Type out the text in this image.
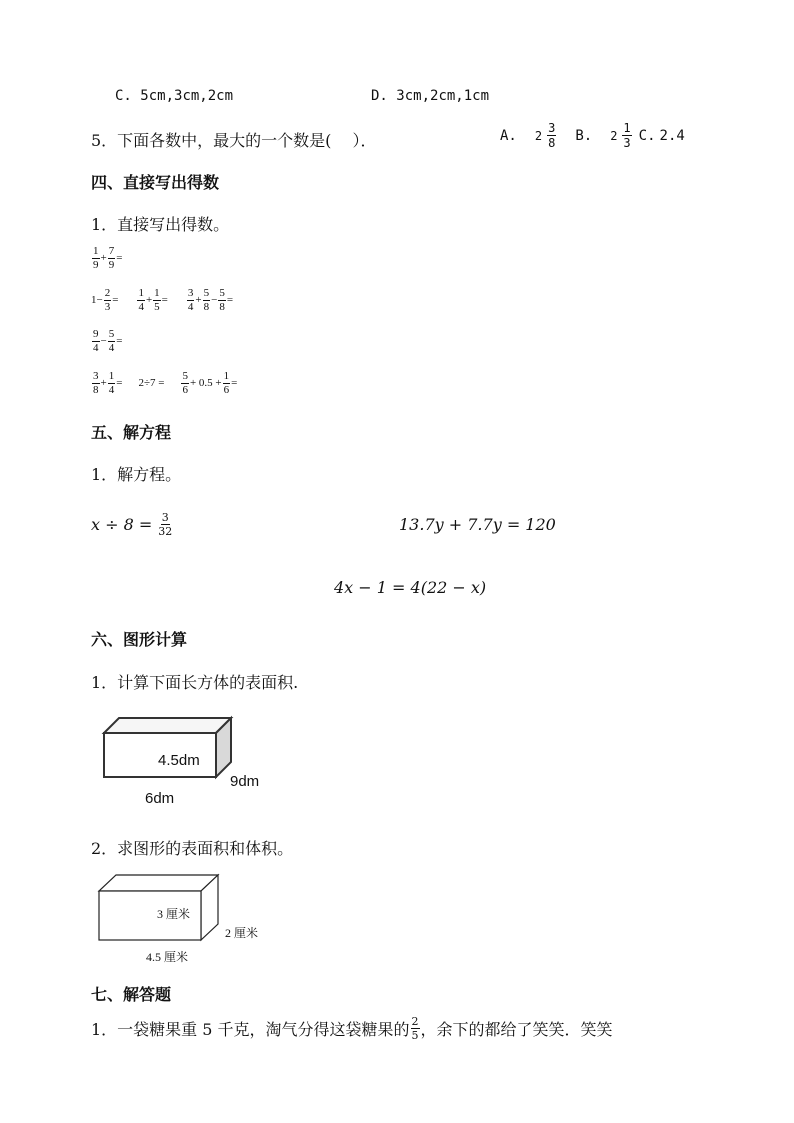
C. 5cm,3cm,2cm	D. 3cm,2cm,1cm
5．下面各数中，最大的一个数是(　 ）．	A. $2 \frac{3}{8} B$. $2 \frac{1}{3} C$. 2.4
四、直接写出得数
1．直接写出得数。
$\frac{1}{9} + \frac{7}{9}$ =
$1- \frac{2}{3} = \frac{1}{4} + \frac{1}{5} = \frac{3}{4} + \frac{5}{8} - \frac{5}{8}$ =
$\frac{9}{4} - \frac{5}{4}$ =
$\frac{3}{8} + \frac{1}{4} = 2\div 7 = \frac{5}{6} + 0.5 + \frac{1}{6}$ =
五、解方程
1．解方程。
$x \div 8 = \frac{3}{32}$	13.7y + 7.7y = 120
4x − 1 = 4(22 − x)
六、图形计算
1．计算下面长方体的表面积.
4.5dm
9dm
6dm
2．求图形的表面积和体积。
3 厘米
2 厘米
4.5 厘米
七、解答题
1．一袋糖果重 5 千克，淘气分得这袋糖果的 $\frac{2}{5}$ ，余下的都给了笑笑．笑笑
